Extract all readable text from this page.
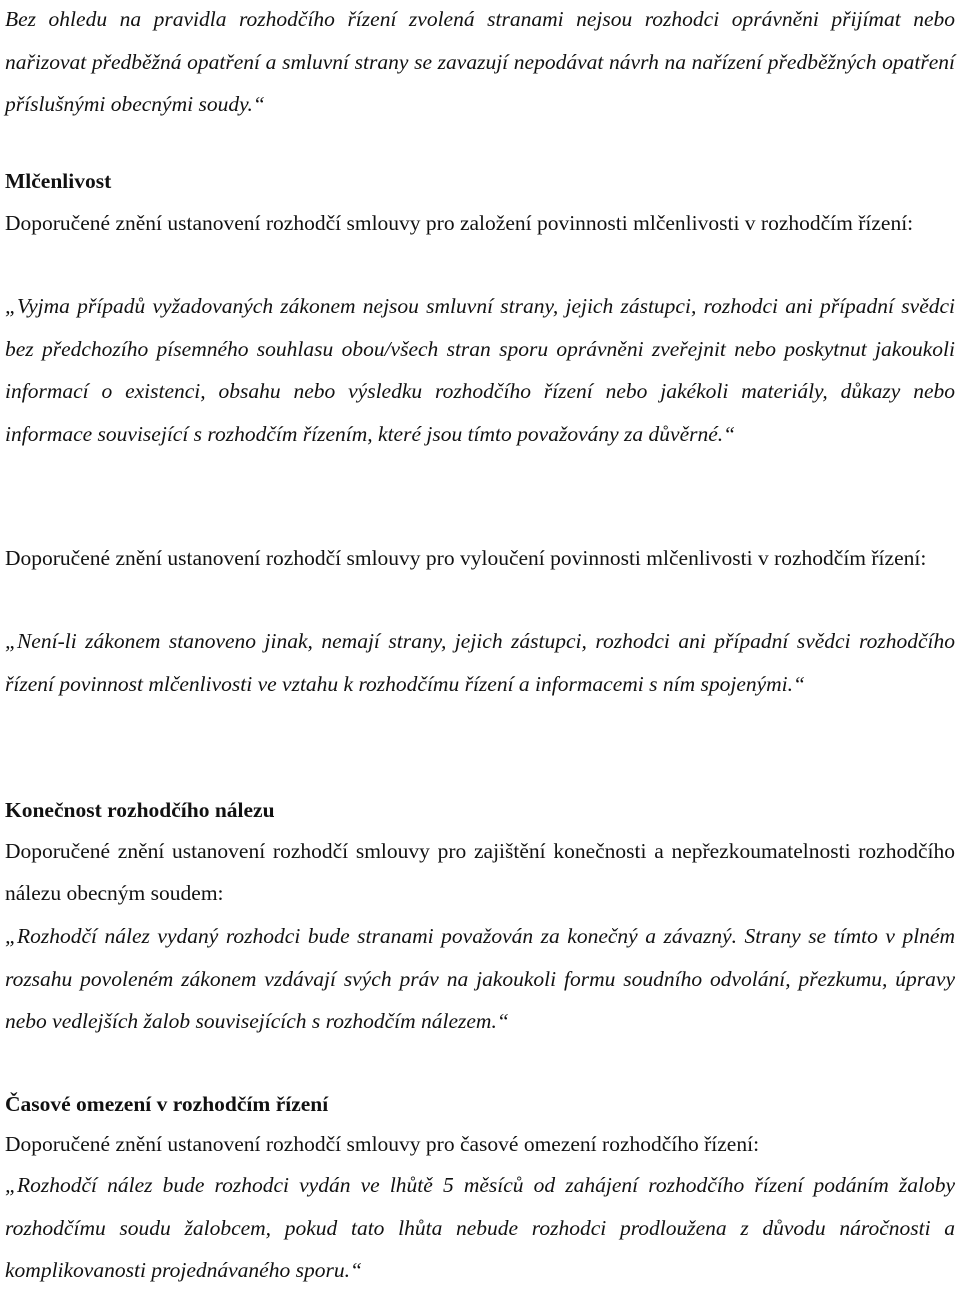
Bez ohledu na pravidla rozhodčího řízení zvolená stranami nejsou rozhodci oprávněni přijímat nebo nařizovat předběžná opatření a smluvní strany se zavazují nepodávat návrh na nařízení předběžných opatření příslušnými obecnými soudy.“

Mlčenlivost

Doporučené znění ustanovení rozhodčí smlouvy pro založení povinnosti mlčenlivosti v rozhodčím řízení:

„Vyjma případů vyžadovaných zákonem nejsou smluvní strany, jejich zástupci, rozhodci ani případní svědci bez předchozího písemného souhlasu obou/všech stran sporu oprávněni zveřejnit nebo poskytnut jakoukoli informací o existenci, obsahu nebo výsledku rozhodčího řízení nebo jakékoli materiály, důkazy nebo informace související s rozhodčím řízením, které jsou tímto považovány za důvěrné.“

Doporučené znění ustanovení rozhodčí smlouvy pro vyloučení povinnosti mlčenlivosti v rozhodčím řízení:

„Není-li zákonem stanoveno jinak, nemají strany, jejich zástupci, rozhodci ani případní svědci rozhodčího řízení povinnost mlčenlivosti ve vztahu k rozhodčímu řízení a informacemi s ním spojenými.“

Konečnost rozhodčího nálezu

Doporučené znění ustanovení rozhodčí smlouvy pro zajištění konečnosti a nepřezkoumatelnosti rozhodčího nálezu obecným soudem:

„Rozhodčí nález vydaný rozhodci bude stranami považován za konečný a závazný. Strany se tímto v plném rozsahu povoleném zákonem vzdávají svých práv na jakoukoli formu soudního odvolání, přezkumu, úpravy nebo vedlejších žalob souvisejících s rozhodčím nálezem.“

Časové omezení v rozhodčím řízení

Doporučené znění ustanovení rozhodčí smlouvy pro časové omezení rozhodčího řízení:

„Rozhodčí nález bude rozhodci vydán ve lhůtě 5 měsíců od zahájení rozhodčího řízení podáním žaloby rozhodčímu soudu žalobcem, pokud tato lhůta nebude rozhodci prodloužena z důvodu náročnosti a komplikovanosti projednávaného sporu.“
